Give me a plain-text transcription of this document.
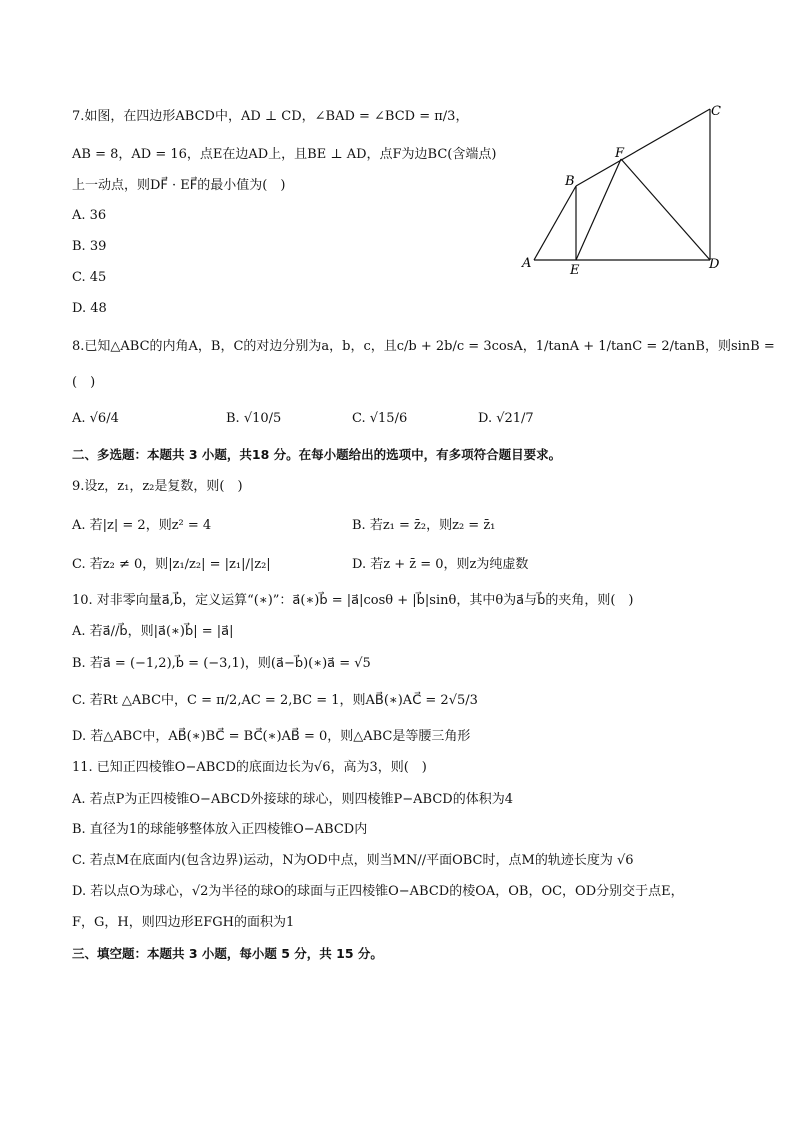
7.如图，在四边形ABCD中，AD ⊥ CD，∠BAD = ∠BCD = π/3，
AB = 8，AD = 16，点E在边AD上，且BE ⊥ AD，点F为边BC(含端点)
上一动点，则DF⃗ · EF⃗的最小值为(　)
A. 36
B. 39
C. 45
D. 48
A
B
C
D
E
F
8.已知△ABC的内角A，B，C的对边分别为a，b，c，且c/b + 2b/c = 3cosA，1/tanA + 1/tanC = 2/tanB，则sinB =
(　)
A. √6/4	B. √10/5	C. √15/6	D. √21/7
二、多选题：本题共 3 小题，共18 分。在每小题给出的选项中，有多项符合题目要求。
9.设z，z₁，z₂是复数，则(　)
A. 若|z| = 2，则z² = 4	B. 若z₁ = z̄₂，则z₂ = z̄₁
C. 若z₂ ≠ 0，则|z₁/z₂| = |z₁|/|z₂|	D. 若z + z̄ = 0，则z为纯虚数
10. 对非零向量a⃗,b⃗，定义运算“(∗)”：a⃗(∗)b⃗ = |a⃗|cosθ + |b⃗|sinθ，其中θ为a⃗与b⃗的夹角，则(　)
A. 若a⃗//b⃗，则|a⃗(∗)b⃗| = |a⃗|
B. 若a⃗ = (−1,2),b⃗ = (−3,1)，则(a⃗−b⃗)(∗)a⃗ = √5
C. 若Rt △ABC中，C = π/2,AC = 2,BC = 1，则AB⃗(∗)AC⃗ = 2√5/3
D. 若△ABC中，AB⃗(∗)BC⃗ = BC⃗(∗)AB⃗ = 0，则△ABC是等腰三角形
11. 已知正四棱锥O−ABCD的底面边长为√6，高为3，则(　)
A. 若点P为正四棱锥O−ABCD外接球的球心，则四棱锥P−ABCD的体积为4
B. 直径为1的球能够整体放入正四棱锥O−ABCD内
C. 若点M在底面内(包含边界)运动，N为OD中点，则当MN//平面OBC时，点M的轨迹长度为 √6
D. 若以点O为球心，√2为半径的球O的球面与正四棱锥O−ABCD的棱OA，OB，OC，OD分别交于点E，
F，G，H，则四边形EFGH的面积为1
三、填空题：本题共 3 小题，每小题 5 分，共 15 分。
